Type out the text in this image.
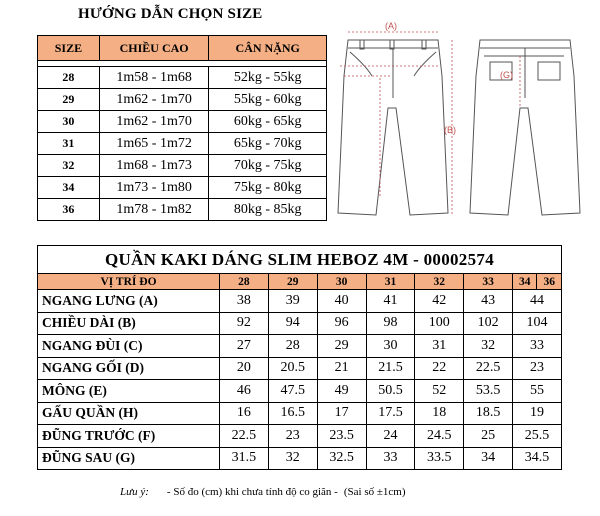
HƯỚNG DẪN CHỌN SIZE
SIZE	CHIỀU CAO	CÂN NẶNG

28	1m58 - 1m68	52kg - 55kg
29	1m62 - 1m70	55kg - 60kg
30	1m62 - 1m70	60kg - 65kg
31	1m65 - 1m72	65kg - 70kg
32	1m68 - 1m73	70kg - 75kg
34	1m73 - 1m80	75kg - 80kg
36	1m78 - 1m82	80kg - 85kg
(A)
(B)
(G)
QUẦN KAKI DÁNG SLIM HEBOZ 4M - 00002574								
VỊ TRÍ ĐO	28	29	30	31	32	33	34	36
NGANG LƯNG (A)	38	39	40	41	42	43	44	
CHIỀU DÀI (B)	92	94	96	98	100	102	104	
NGANG ĐÙI (C)	27	28	29	30	31	32	33	
NGANG GỐI (D)	20	20.5	21	21.5	22	22.5	23	
MÔNG (E)	46	47.5	49	50.5	52	53.5	55	
GẤU QUẦN (H)	16	16.5	17	17.5	18	18.5	19	
ĐŨNG TRƯỚC (F)	22.5	23	23.5	24	24.5	25	25.5	
ĐŨNG SAU (G)	31.5	32	32.5	33	33.5	34	34.5	
Lưu ý: - Số đo (cm) khi chưa tính độ co giãn - (Sai số ±1cm)
